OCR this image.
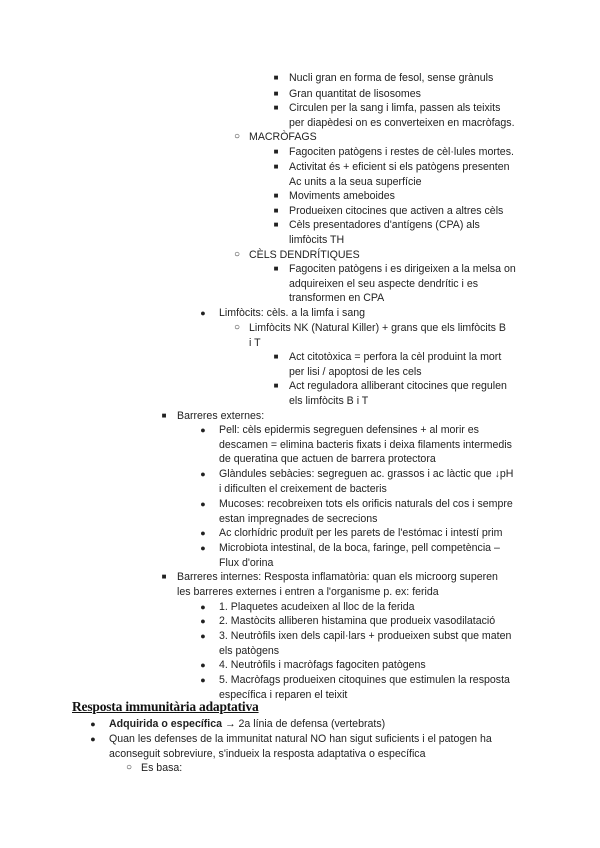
■ Nucli gran en forma de fesol, sense grànuls
■ Gran quantitat de lisosomes
■ Circulen per la sang i limfa, passen als teixits
per diapèdesi on es converteixen en macròfags.
○ MACRÒFAGS
■ Fagociten patògens i restes de cèl·lules mortes.
■ Activitat és + eficient si els patògens presenten
Ac units a la seua superfície
■ Moviments ameboides
■ Produeixen citocines que activen a altres cèls
■ Cèls presentadores d'antígens (CPA) als
limfòcits TH
○ CÈLS DENDRÍTIQUES
■ Fagociten patògens i es dirigeixen a la melsa on
adquireixen el seu aspecte dendrític i es
transformen en CPA
● Limfòcits: cèls. a la limfa i sang
○ Limfòcits NK (Natural Killer) + grans que els limfòcits B
i T
■ Act citotòxica = perfora la cèl produint la mort
per lisi / apoptosi de les cels
■ Act reguladora alliberant citocines que regulen
els limfòcits B i T
■ Barreres externes:
● Pell: cèls epidermis segreguen defensines + al morir es
descamen = elimina bacteris fixats i deixa filaments intermedis
de queratina que actuen de barrera protectora
● Glàndules sebàcies: segreguen ac. grassos i ac làctic que ↓pH
i dificulten el creixement de bacteris
● Mucoses: recobreixen tots els orificis naturals del cos i sempre
estan impregnades de secrecions
● Ac clorhídric produït per les parets de l'estómac i intestí prim
● Microbiota intestinal, de la boca, faringe, pell competència –
Flux d'orina
■ Barreres internes: Resposta inflamatòria: quan els microorg superen
les barreres externes i entren a l'organisme p. ex: ferida
● 1. Plaquetes acudeixen al lloc de la ferida
● 2. Mastòcits alliberen histamina que produeix vasodilatació
● 3. Neutròfils ixen dels capil·lars + produeixen subst que maten
els patògens
● 4. Neutròfils i macròfags fagociten patògens
● 5. Macròfags produeixen citoquines que estimulen la resposta
específica i reparen el teixit
Resposta immunitària adaptativa
● Adquirida o específica → 2a línia de defensa (vertebrats)
● Quan les defenses de la immunitat natural NO han sigut suficients i el patogen ha
aconseguit sobreviure, s'indueix la resposta adaptativa o específica
○ Es basa:
